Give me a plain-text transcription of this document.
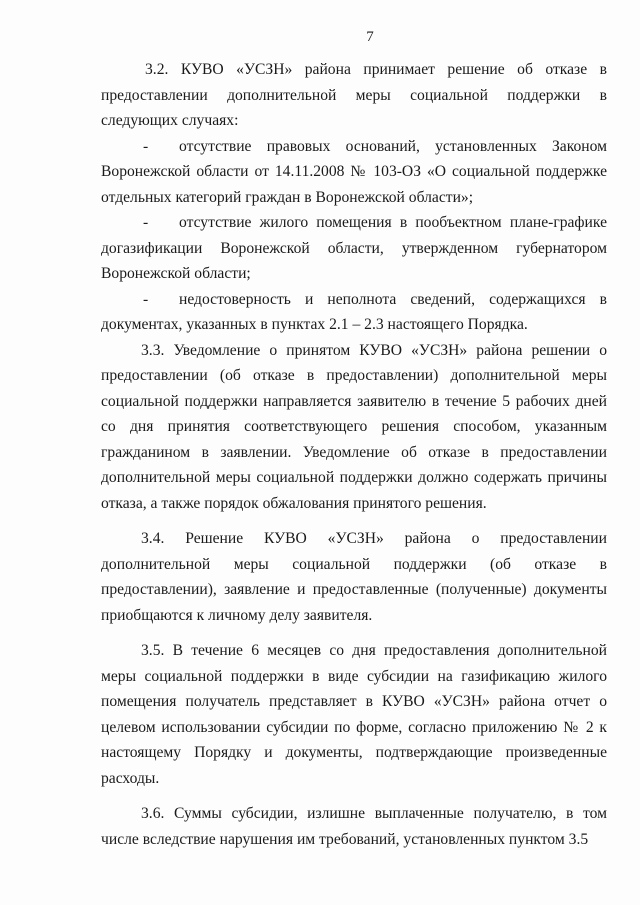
7

3.2. КУВО «УСЗН» района принимает решение об отказе в предоставлении дополнительной меры социальной поддержки в следующих случаях:

- отсутствие правовых оснований, установленных Законом Воронежской области от 14.11.2008 № 103-ОЗ «О социальной поддержке отдельных категорий граждан в Воронежской области»;

- отсутствие жилого помещения в пообъектном плане-графике догазификации Воронежской области, утвержденном губернатором Воронежской области;

- недостоверность и неполнота сведений, содержащихся в документах, указанных в пунктах 2.1 – 2.3 настоящего Порядка.

3.3. Уведомление о принятом КУВО «УСЗН» района решении о предоставлении (об отказе в предоставлении) дополнительной меры социальной поддержки направляется заявителю в течение 5 рабочих дней со дня принятия соответствующего решения способом, указанным гражданином в заявлении. Уведомление об отказе в предоставлении дополнительной меры социальной поддержки должно содержать причины отказа, а также порядок обжалования принятого решения.

3.4. Решение КУВО «УСЗН» района о предоставлении дополнительной меры социальной поддержки (об отказе в предоставлении), заявление и предоставленные (полученные) документы приобщаются к личному делу заявителя.

3.5. В течение 6 месяцев со дня предоставления дополнительной меры социальной поддержки в виде субсидии на газификацию жилого помещения получатель представляет в КУВО «УСЗН» района отчет о целевом использовании субсидии по форме, согласно приложению № 2 к настоящему Порядку и документы, подтверждающие произведенные расходы.

3.6. Суммы субсидии, излишне выплаченные получателю, в том числе вследствие нарушения им требований, установленных пунктом 3.5
